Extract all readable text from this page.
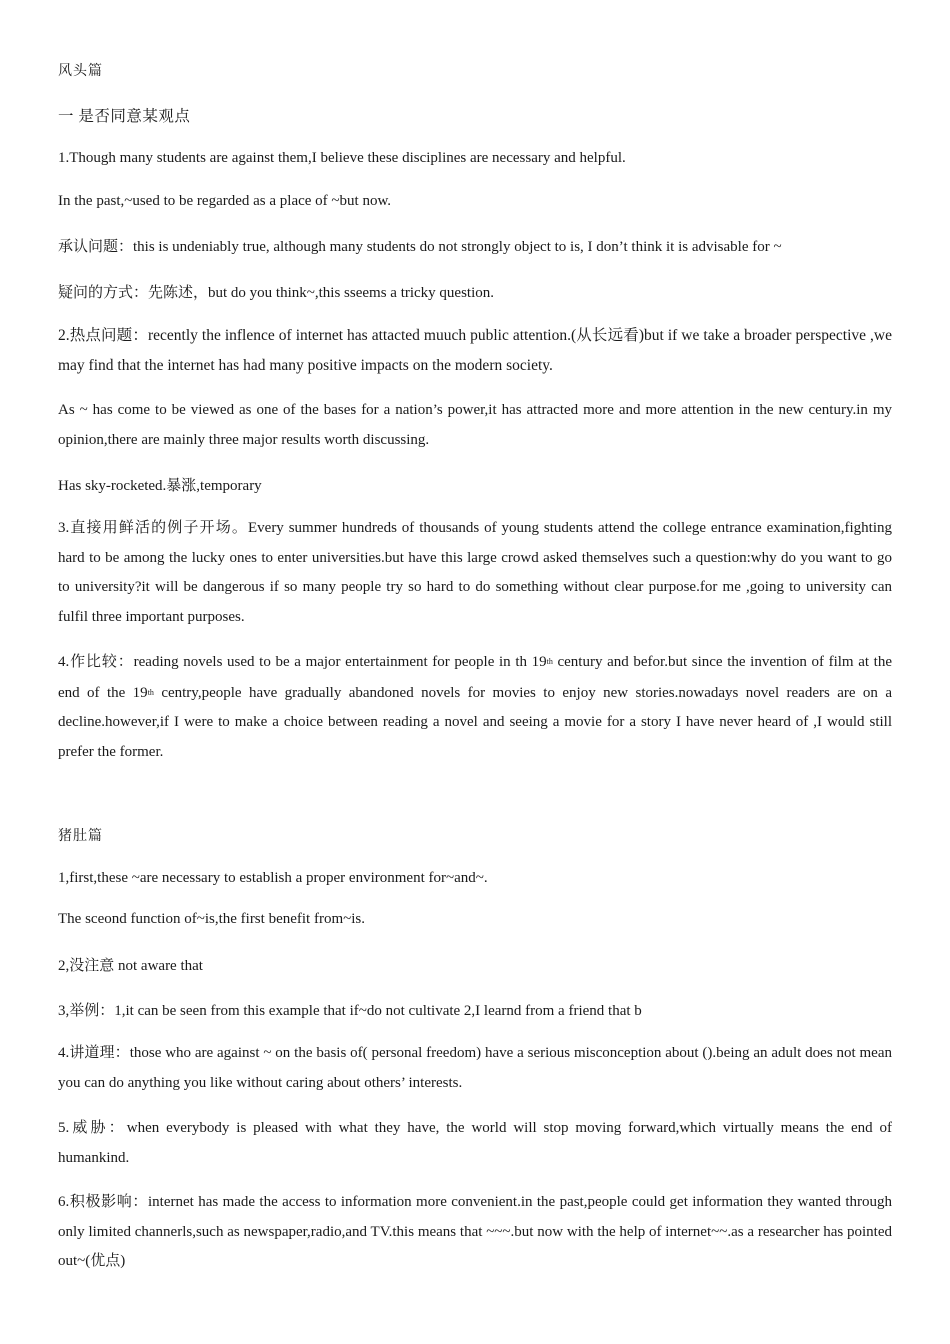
风头篇
一 是否同意某观点
1.Though many students are against them,I believe these disciplines are necessary and helpful.
In the past,~used to be regarded as a place of ~but now.
承认问题：this is undeniably true, although many students do not strongly object to is, I don’t think it is advisable for ~
疑问的方式：先陈述，but do you think~,this sseems a tricky question.
2.热点问题：recently the inflence of internet has attacted muuch public attention.(从长远看)but if we take a broader perspective ,we may find that the internet has had many positive impacts on the modern society.
As ~ has come to be viewed as one of the bases for a nation’s power,it has attracted more and more attention in the new century.in my opinion,there are mainly three major results worth discussing.
Has sky-rocketed.暴涨,temporary
3.直接用鲜活的例子开场。Every summer hundreds of thousands of young students attend the college entrance examination,fighting hard to be among the lucky ones to enter universities.but have this large crowd asked themselves such a question:why do you want to go to university?it will be dangerous if so many people try so hard to do something without clear purpose.for me ,going to university can fulfil three important purposes.
4.作比较：reading novels used to be a major entertainment for people in th 19th century and befor.but since the invention of film at the end of the 19th centry,people have gradually abandoned novels for movies to enjoy new stories.nowadays novel readers are on a decline.however,if I were to make a choice between reading a novel and seeing a movie for a story I have never heard of ,I would still prefer the former.
猪肚篇
1,first,these ~are necessary to establish a proper environment for~and~.
The sceond function of~is,the first benefit from~is.
2,没注意 not aware that
3,举例：1,it can be seen from this example that if~do not cultivate 2,I learnd from a friend that b
4.讲道理：those who are against ~ on the basis of( personal freedom) have a serious misconception about ().being an adult does not mean you can do anything you like without caring about others’ interests.
5.威胁：when everybody is pleased with what they have, the world will stop moving forward,which virtually means the end of humankind.
6.积极影响：internet has made the access to information more convenient.in the past,people could get information they wanted through only limited channerls,such as newspaper,radio,and TV.this means that ~~~.but now with the help of internet~~.as a researcher has pointed out~(优点)
